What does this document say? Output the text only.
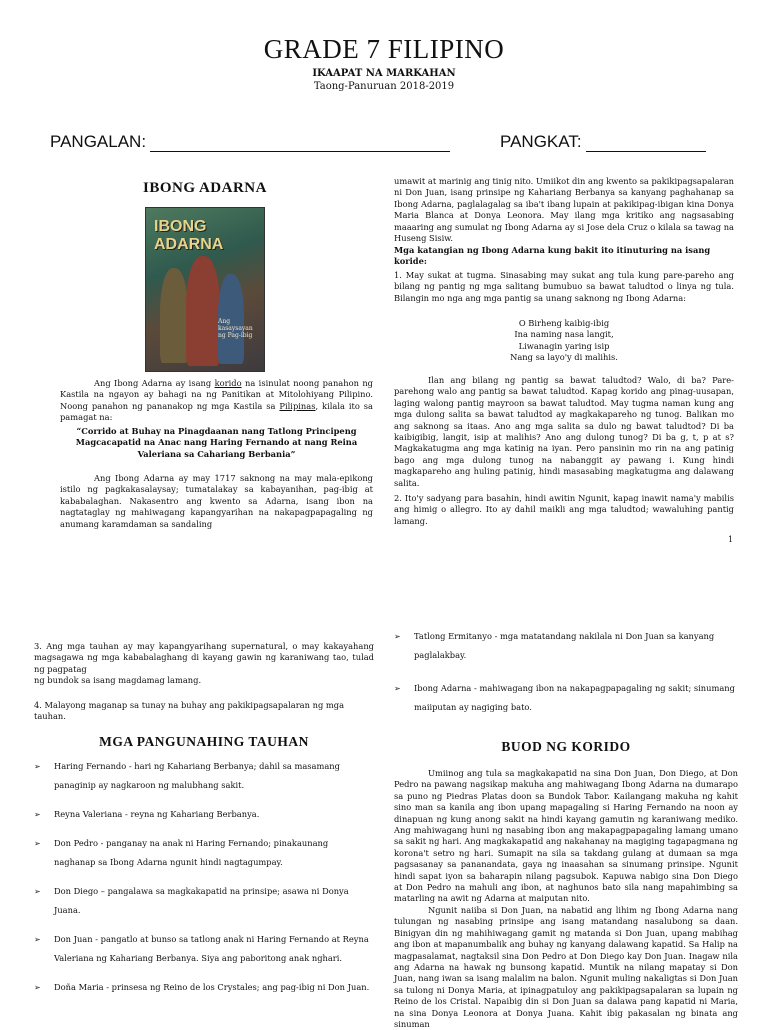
GRADE 7 FILIPINO
IKAAPAT NA MARKAHAN
Taong-Panuruan 2018-2019
PANGALAN:	PANGKAT:
IBONG ADARNA
IBONG ADARNA
Ang kasaysayan ng Pag-ibig

Ang Ibong Adarna ay isang korido na isinulat noong panahon ng Kastila na ngayon ay bahagi na ng Panitikan at Mitolohiyang Pilipino. Noong panahon ng pananakop ng mga Kastila sa Pilipinas, kilala ito sa pamagat na:

“Corrido at Buhay na Pinagdaanan nang Tatlong Principeng Magcacapatid na Anac nang Haring Fernando at nang Reina Valeriana sa Cahariang Berbania”

Ang Ibong Adarna ay may 1717 saknong na may mala-epikong istilo ng pagkakasalaysay; tumatalakay sa kabayanihan, pag-ibig at kababalaghan. Nakasentro ang kwento sa Adarna, isang ibon na nagtataglay ng mahiwagang kapangyarihan na nakapagpapagaling ng anumang karamdaman sa sandaling

umawit at marinig ang tinig nito. Umiikot din ang kwento sa pakikipagsapalaran ni Don Juan, isang prinsipe ng Kahariang Berbanya sa kanyang paghahanap sa Ibong Adarna, paglalagalag sa iba't ibang lupain at pakikipag-ibigan kina Donya Maria Blanca at Donya Leonora. May ilang mga kritiko ang nagsasabing maaaring ang sumulat ng Ibong Adarna ay si Jose dela Cruz o kilala sa tawag na Huseng Sisiw.

Mga katangian ng Ibong Adarna kung bakit ito itinuturing na isang koride:
1. May sukat at tugma. Sinasabing may sukat ang tula kung pare-pareho ang bilang ng pantig ng mga salitang bumubuo sa bawat taludtod o linya ng tula. Bilangin mo nga ang mga pantig sa unang saknong ng Ibong Adarna:
O Birheng kaibig-ibig
Ina naming nasa langit,
Liwanagin yaring isip
Nang sa layo'y di malihis.

Ilan ang bilang ng pantig sa bawat taludtod? Walo, di ba? Pare-parehong walo ang pantig sa bawat taludtod. Kapag korido ang pinag-uusapan, laging walong pantig mayroon sa bawat taludtod. May tugma naman kung ang mga dulong salita sa bawat taludtod ay magkakapareho ng tunog. Balikan mo ang saknong sa itaas. Ano ang mga salita sa dulo ng bawat taludtod? Di ba kaibigibig, langit, isip at malihis? Ano ang dulong tunog? Di ba g, t, p at s? Magkakatugma ang mga katinig na iyan. Pero pansinin mo rin na ang patinig bago ang mga dulong tunog na nabanggit ay pawang i. Kung hindi magkapareho ang huling patinig, hindi masasabing magkatugma ang dalawang salita.

2. Ito'y sadyang para basahin, hindi awitin Ngunit, kapag inawit nama'y mabilis ang himig o allegro. Ito ay dahil maikli ang mga taludtod; wawaluhing pantig lamang.
1

3. Ang mga tauhan ay may kapangyarihang supernatural, o may kakayahang magsagawa ng mga kababalaghang di kayang gawin ng karaniwang tao, tulad ng pagpatag

ng bundok sa isang magdamag lamang.

4. Malayong maganap sa tunay na buhay ang pakikipagsapalaran ng mga tauhan.
MGA PANGUNAHING TAUHAN
➢ Haring Fernando - hari ng Kahariang Berbanya; dahil sa masamang panaginip ay nagkaroon ng malubhang sakit.
➢ Reyna Valeriana - reyna ng Kahariang Berbanya.
➢ Don Pedro - panganay na anak ni Haring Fernando; pinakaunang naghanap sa Ibong Adarna ngunit hindi nagtagumpay.
➢ Don Diego – pangalawa sa magkakapatid na prinsipe; asawa ni Donya Juana.
➢ Don Juan - pangatlo at bunso sa tatlong anak ni Haring Fernando at Reyna Valeriana ng Kahariang Berbanya. Siya ang paboritong anak nghari.
➢ Doña Maria - prinsesa ng Reino de los Crystales; ang pag-ibig ni Don Juan.
➢ Tatlong Ermitanyo - mga matatandang nakilala ni Don Juan sa kanyang paglalakbay.
➢ Ibong Adarna - mahiwagang ibon na nakapagpapagaling ng sakit; sinumang maiiputan ay nagiging bato.
BUOD NG KORIDO

Umiinog ang tula sa magkakapatid na sina Don Juan, Don Diego, at Don Pedro na pawang nagsikap makuha ang mahiwagang Ibong Adarna na dumarapo sa puno ng Piedras Platas doon sa Bundok Tabor. Kailangang makuha ng kahit sino man sa kanila ang ibon upang mapagaling si Haring Fernando na noon ay dinapuan ng kung anong sakit na hindi kayang gamutin ng karaniwang mediko. Ang mahiwagang huni ng nasabing ibon ang makapagpapagaling lamang umano sa sakit ng hari. Ang magkakapatid ang nakahanay na magiging tagapagmana ng korona't setro ng hari. Sumapit na sila sa takdang gulang at dumaan sa mga pagsasanay sa pananandata, gaya ng inaasahan sa sinumang prinsipe. Ngunit hindi sapat iyon sa baharapin nilang pagsubok. Kapuwa nabigo sina Don Diego at Don Pedro na mahuli ang ibon, at naghunos bato sila nang mapahimbing sa matarling na awit ng Adarna at maiputan nito.

Ngunit naiiba si Don Juan, na nabatid ang lihim ng Ibong Adarna nang tulungan ng nasabing prinsipe ang isang matandang nasalubong sa daan. Binigyan din ng mahihiwagang gamit ng matanda si Don Juan, upang mabihag ang ibon at mapanumbalik ang buhay ng kanyang dalawang kapatid. Sa Halip na magpasalamat, nagtaksil sina Don Pedro at Don Diego kay Don Juan. Inagaw nila ang Adarna na hawak ng bunsong kapatid. Muntik na nilang mapatay si Don Juan, nang iwan sa isang malalim na balon. Ngunit muling nakaligtas si Don Juan sa tulong ni Donya Maria, at ipinagpatuloy ang pakikipagsapalaran sa lupain ng Reino de los Cristal. Napaibig din si Don Juan sa dalawa pang kapatid ni Maria, na sina Donya Leonora at Donya Juana. Kahit ibig pakasalan ng binata ang sinuman
